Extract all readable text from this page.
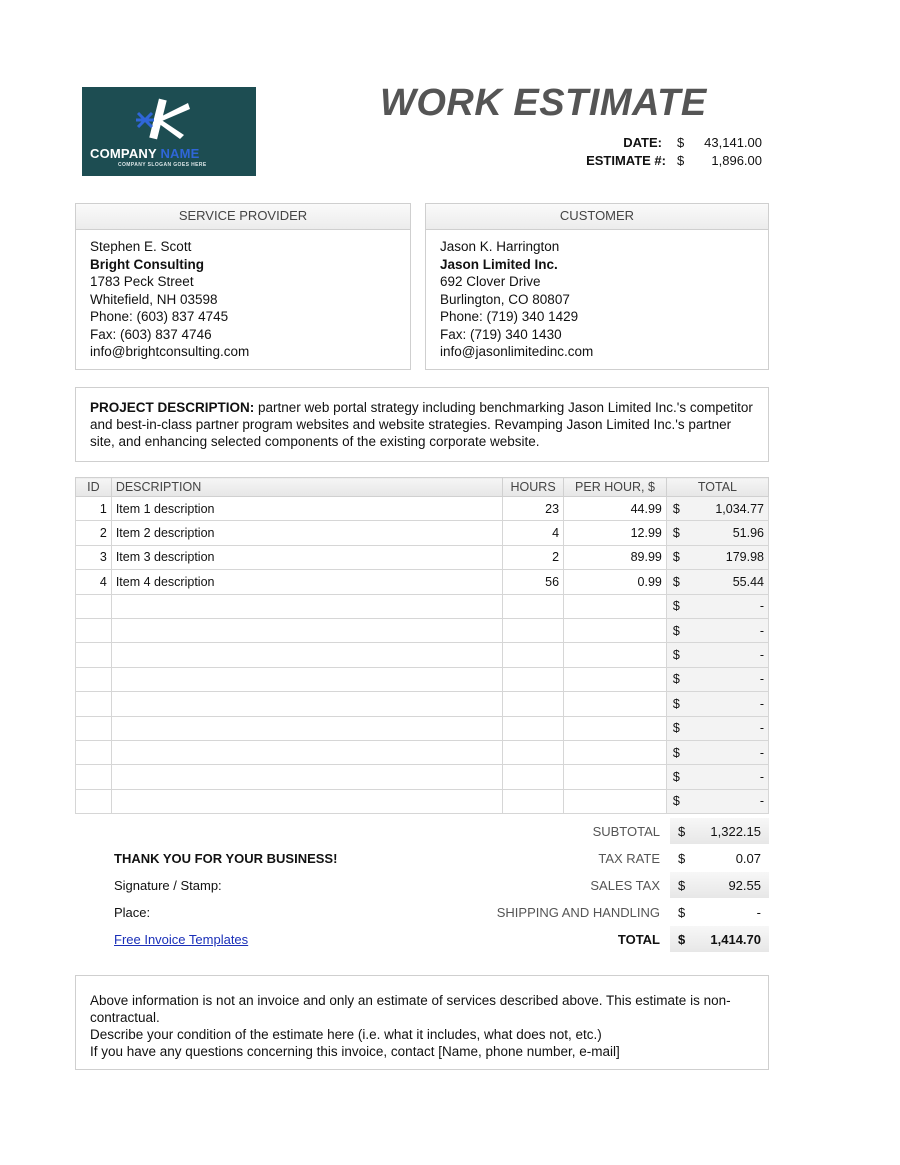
COMPANY NAME
COMPANY SLOGAN GOES HERE
WORK ESTIMATE
DATE: $	43,141.00
ESTIMATE #: $	1,896.00
SERVICE PROVIDER
Stephen E. Scott
Bright Consulting
1783 Peck Street
Whitefield, NH 03598
Phone: (603) 837 4745
Fax: (603) 837 4746
info@brightconsulting.com
CUSTOMER
Jason K. Harrington
Jason Limited Inc.
692 Clover Drive
Burlington, CO 80807
Phone: (719) 340 1429
Fax: (719) 340 1430
info@jasonlimitedinc.com
PROJECT DESCRIPTION: partner web portal strategy including benchmarking Jason Limited Inc.'s competitor and best-in-class partner program websites and website strategies. Revamping Jason Limited Inc.'s partner site, and enhancing selected components of the existing corporate website.
ID	DESCRIPTION	HOURS	PER HOUR, $	TOTAL	
1	Item 1 description	23	44.99	$	1,034.77
2	Item 2 description	4	12.99	$	51.96
3	Item 3 description	2	89.99	$	179.98
4	Item 4 description	56	0.99	$	55.44
				$	-
				$	-
				$	-
				$	-
				$	-
				$	-
				$	-
				$	-
				$	-
THANK YOU FOR YOUR BUSINESS!
Signature / Stamp:
Place:
Free Invoice Templates
SUBTOTAL $ 1,322.15
TAX RATE $	0.07
SALES TAX $	92.55
SHIPPING AND HANDLING $	-
TOTAL $ 1,414.70
Above information is not an invoice and only an estimate of services described above. This estimate is non-contractual.
Describe your condition of the estimate here (i.e. what it includes, what does not, etc.)
If you have any questions concerning this invoice, contact [Name, phone number, e-mail]
